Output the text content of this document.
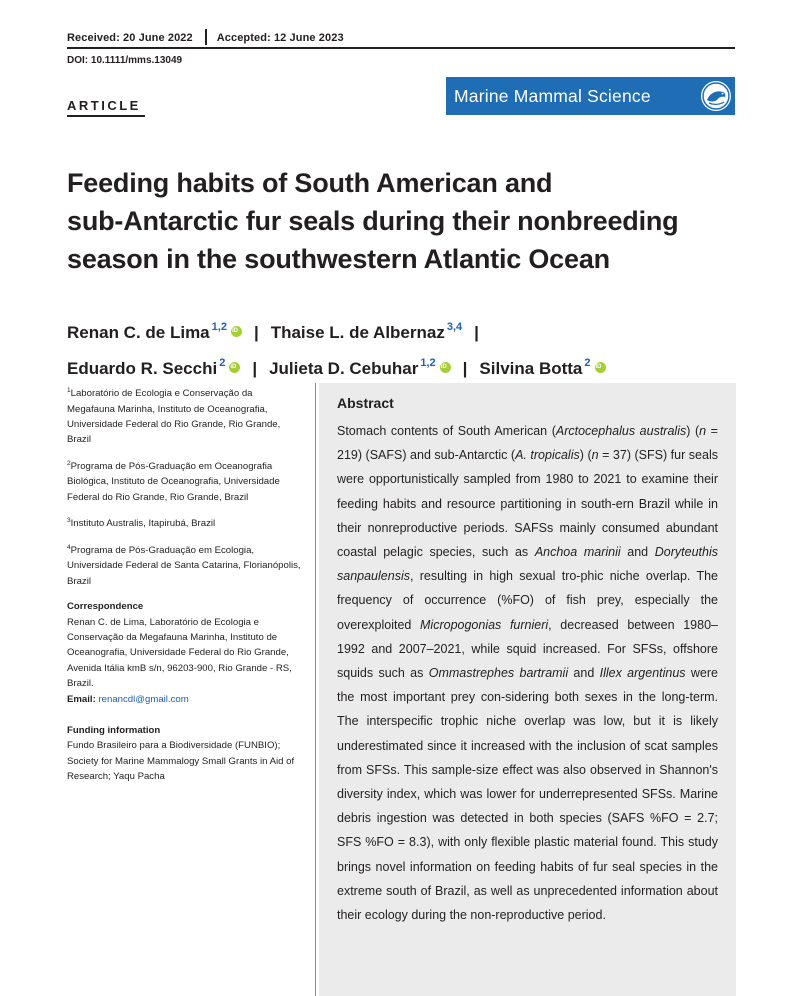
Received: 20 June 2022 Accepted: 12 June 2023
DOI: 10.1111/mms.13049
ARTICLE	Marine Mammal Science
Feeding habits of South American and
sub-Antarctic fur seals during their nonbreeding
season in the southwestern Atlantic Ocean
Renan C. de Lima $^{1,2}$ iD | Thaise L. de Albernaz $^{3,4}$ |
Eduardo R. Secchi $^2$ iD | Julieta D. Cebuhar $^{1,2}$ iD | Silvina Botta $^2$iD
$^1$Laboratório de Ecologia e Conservação da Megafauna Marinha, Instituto de Oceanografia, Universidade Federal do Rio Grande, Rio Grande, Brazil
$^2$Programa de Pós-Graduação em Oceanografia Biológica, Instituto de Oceanografia, Universidade Federal do Rio Grande, Rio Grande, Brazil
$^3$Instituto Australis, Itapirubá, Brazil
$^4$Programa de Pós-Graduação em Ecologia, Universidade Federal de Santa Catarina, Florianópolis, Brazil
Correspondence
Renan C. de Lima, Laboratório de Ecologia e Conservação da Megafauna Marinha, Instituto de Oceanografia, Universidade Federal do Rio Grande, Avenida Itália kmB s/n, 96203-900, Rio Grande - RS, Brazil.
Email: renancdl@gmail.com
Funding information
Fundo Brasileiro para a Biodiversidade (FUNBIO); Society for Marine Mammalogy Small Grants in Aid of Research; Yaqu Pacha
Abstract
Stomach contents of South American (Arctocephalus australis) (n = 219) (SAFS) and sub-Antarctic (A. tropicalis) (n = 37) (SFS) fur seals were opportunistically sampled from 1980 to 2021 to examine their feeding habits and resource partitioning in south-ern Brazil while in their nonreproductive periods. SAFSs mainly consumed abundant coastal pelagic species, such as Anchoa marinii and Doryteuthis sanpaulensis, resulting in high sexual tro-phic niche overlap. The frequency of occurrence (%FO) of fish prey, especially the overexploited Micropogonias furnieri, decreased between 1980–1992 and 2007–2021, while squid increased. For SFSs, offshore squids such as Ommastrephes bartramii and Illex argentinus were the most important prey con-sidering both sexes in the long-term. The interspecific trophic niche overlap was low, but it is likely underestimated since it increased with the inclusion of scat samples from SFSs. This sample-size effect was also observed in Shannon's diversity index, which was lower for underrepresented SFSs. Marine debris ingestion was detected in both species (SAFS %FO = 2.7; SFS %FO = 8.3), with only flexible plastic material found. This study brings novel information on feeding habits of fur seal species in the extreme south of Brazil, as well as unprecedented information about their ecology during the non-reproductive period.
